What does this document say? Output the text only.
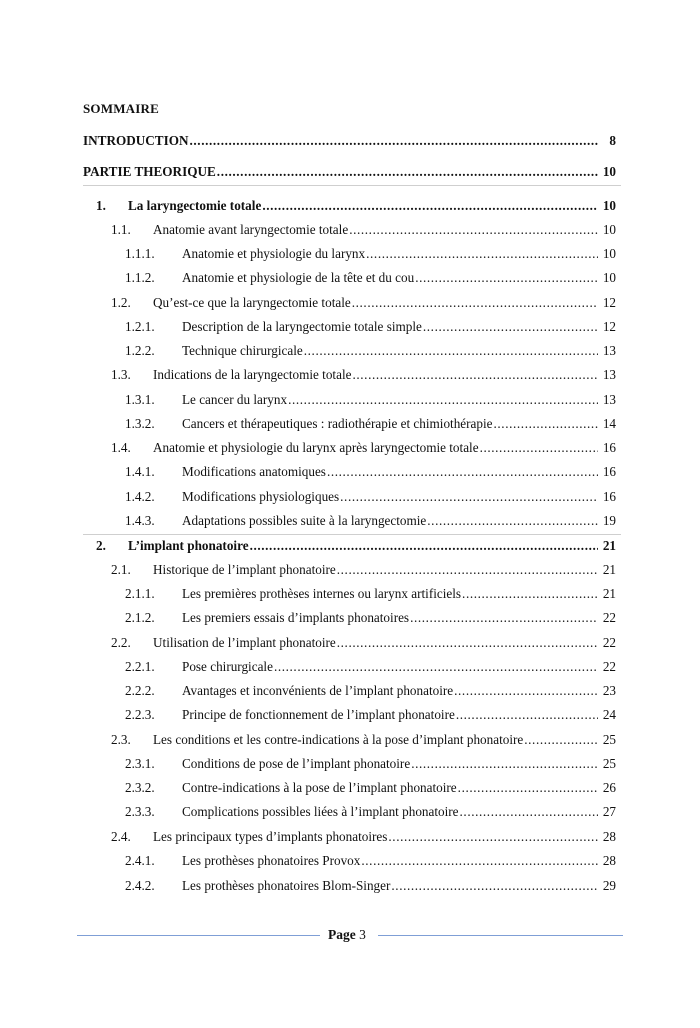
SOMMAIRE
INTRODUCTION .....	8
PARTIE THEORIQUE .....	10
1. La laryngectomie totale .....	10
1.1. Anatomie avant laryngectomie totale .....	10
1.1.1. Anatomie et physiologie du larynx .....	10
1.1.2. Anatomie et physiologie de la tête et du cou .....	10
1.2. Qu’est-ce que la laryngectomie totale .....	12
1.2.1. Description de la laryngectomie totale simple .....	12
1.2.2. Technique chirurgicale .....	13
1.3. Indications de la laryngectomie totale .....	13
1.3.1. Le cancer du larynx .....	13
1.3.2. Cancers et thérapeutiques : radiothérapie et chimiothérapie .....	14
1.4. Anatomie et physiologie du larynx après laryngectomie totale .....	16
1.4.1. Modifications anatomiques .....	16
1.4.2. Modifications physiologiques .....	16
1.4.3. Adaptations possibles suite à la laryngectomie .....	19
2. L’implant phonatoire .....	21
2.1. Historique de l’implant phonatoire .....	21
2.1.1. Les premières prothèses internes ou larynx artificiels .....	21
2.1.2. Les premiers essais d’implants phonatoires .....	22
2.2. Utilisation de l’implant phonatoire .....	22
2.2.1. Pose chirurgicale .....	22
2.2.2. Avantages et inconvénients de l’implant phonatoire .....	23
2.2.3. Principe de fonctionnement de l’implant phonatoire .....	24
2.3. Les conditions et les contre-indications à la pose d’implant phonatoire .....	25
2.3.1. Conditions de pose de l’implant phonatoire .....	25
2.3.2. Contre-indications à la pose de l’implant phonatoire .....	26
2.3.3. Complications possibles liées à l’implant phonatoire .....	27
2.4. Les principaux types d’implants phonatoires .....	28
2.4.1. Les prothèses phonatoires Provox .....	28
2.4.2. Les prothèses phonatoires Blom-Singer .....	29
Page 3
